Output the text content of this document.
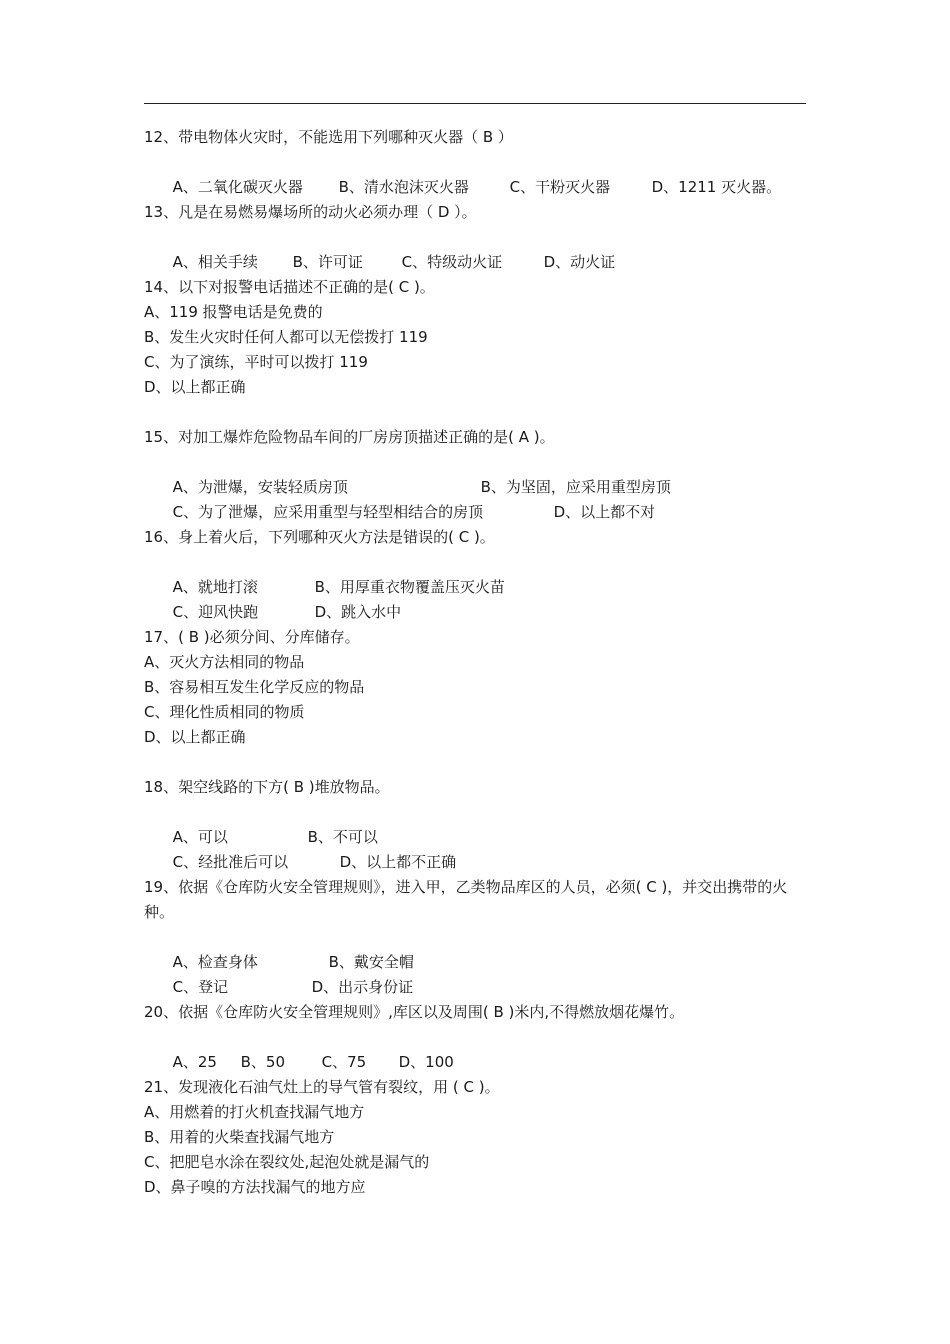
12、带电物体火灾时，不能选用下列哪种灭火器（ B ）

A、二氧化碳灭火器 B、清水泡沫灭火器	C、干粉灭火器	D、1211 灭火器。

13、凡是在易燃易爆场所的动火必须办理（ D ）。

A、相关手续 B、许可证	C、特级动火证	D、动火证

14、以下对报警电话描述不正确的是( C )。
A、119 报警电话是免费的
B、发生火灾时任何人都可以无偿拨打 119
C、为了演练，平时可以拨打 119
D、以上都正确
15、对加工爆炸危险物品车间的厂房房顶描述正确的是( A )。

A、为泄爆，安装轻质房顶	B、为坚固，应采用重型房顶

C、为了泄爆，应采用重型与轻型相结合的房顶	D、以上都不对

16、身上着火后，下列哪种灭火方法是错误的( C )。

A、就地打滚	B、用厚重衣物覆盖压灭火苗

C、迎风快跑	D、跳入水中

17、( B )必须分间、分库储存。
A、灭火方法相同的物品
B、容易相互发生化学反应的物品
C、理化性质相同的物质
D、以上都正确
18、架空线路的下方( B )堆放物品。

A、可以	B、不可以

C、经批准后可以	D、以上都不正确

19、依据《仓库防火安全管理规则》，进入甲，乙类物品库区的人员，必须( C )，并交出携带的火种。

A、检查身体	B、戴安全帽

C、登记	D、出示身份证

20、依据《仓库防火安全管理规则》,库区以及周围( B )米内,不得燃放烟花爆竹。

A、25 B、50 C、75 D、100

21、发现液化石油气灶上的导气管有裂纹，用 ( C )。
A、用燃着的打火机查找漏气地方
B、用着的火柴查找漏气地方
C、把肥皂水涂在裂纹处,起泡处就是漏气的
D、鼻子嗅的方法找漏气的地方应
